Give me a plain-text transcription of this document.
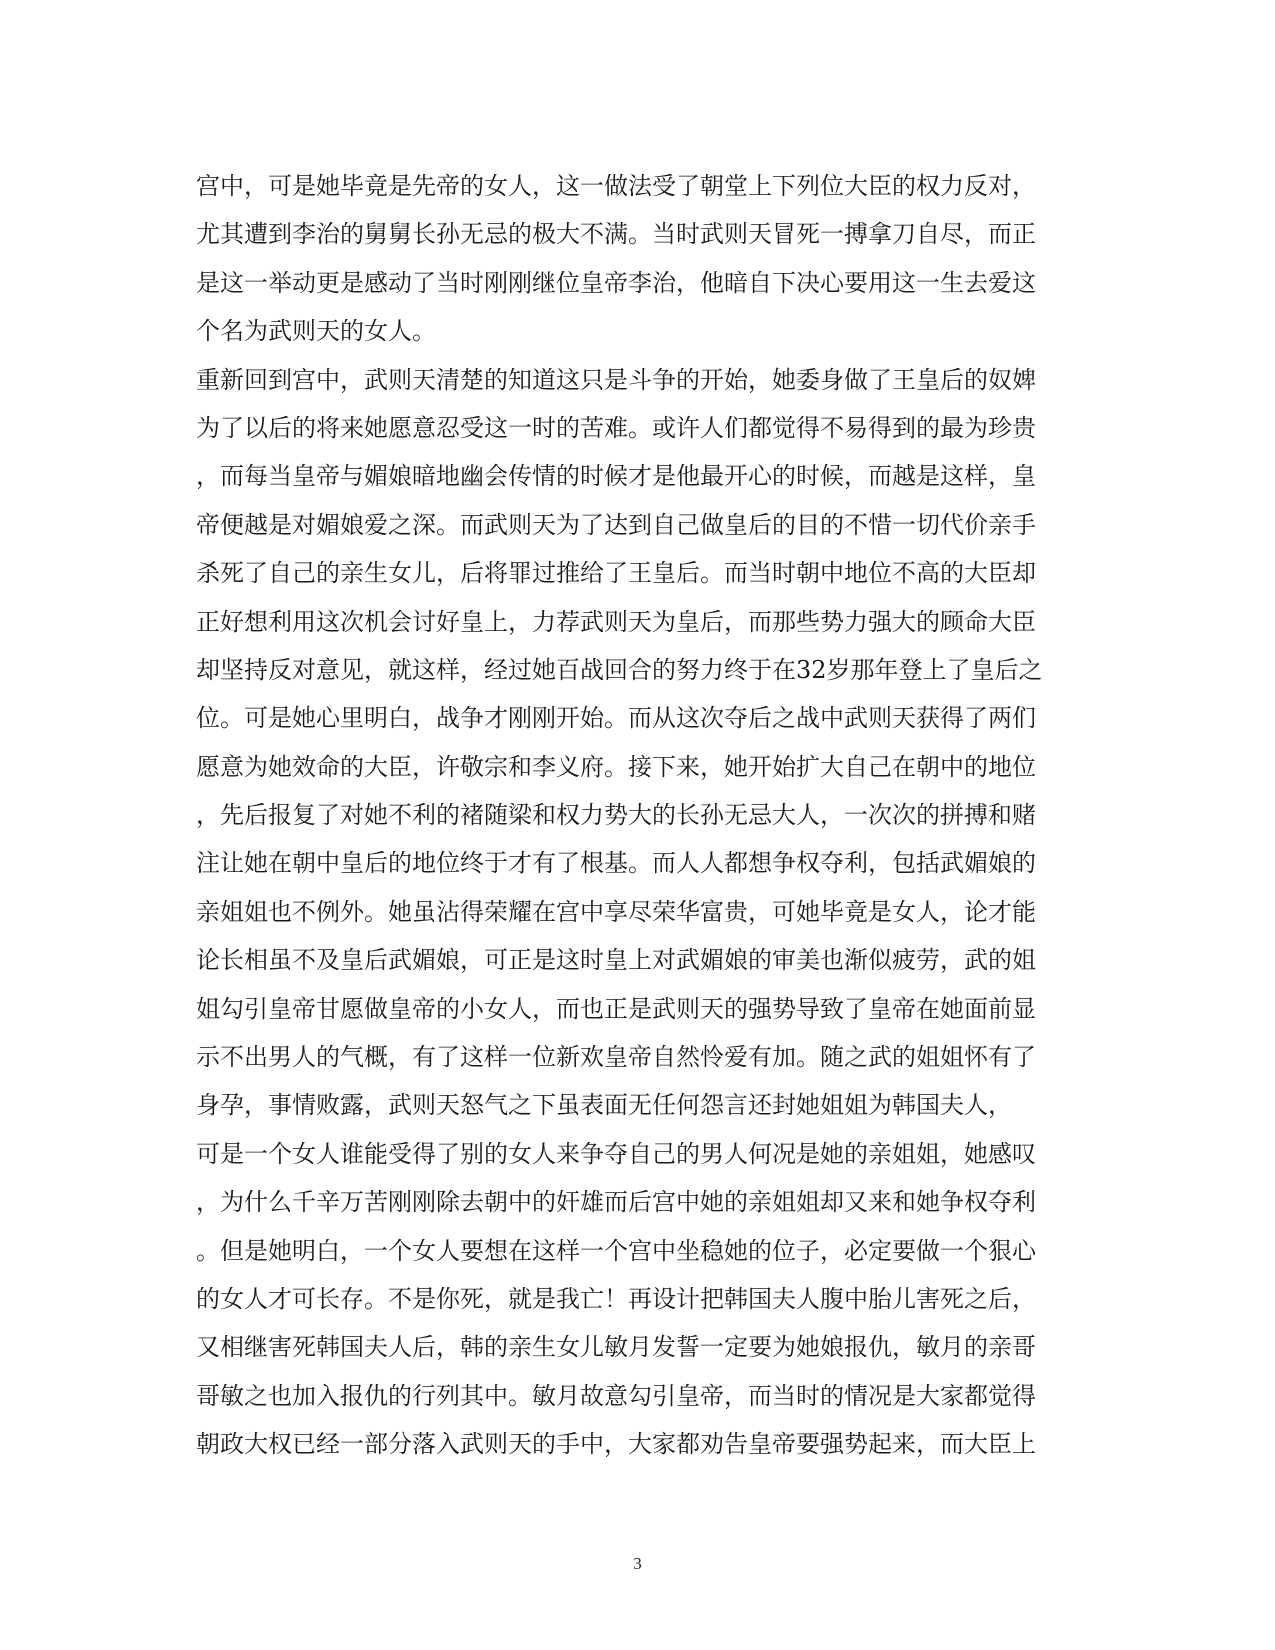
宫中，可是她毕竟是先帝的女人，这一做法受了朝堂上下列位大臣的权力反对，
尤其遭到李治的舅舅长孙无忌的极大不满。当时武则天冒死一搏拿刀自尽，而正
是这一举动更是感动了当时刚刚继位皇帝李治，他暗自下决心要用这一生去爱这
个名为武则天的女人。
重新回到宫中，武则天清楚的知道这只是斗争的开始，她委身做了王皇后的奴婢
为了以后的将来她愿意忍受这一时的苦难。或许人们都觉得不易得到的最为珍贵
，而每当皇帝与媚娘暗地幽会传情的时候才是他最开心的时候，而越是这样，皇
帝便越是对媚娘爱之深。而武则天为了达到自己做皇后的目的不惜一切代价亲手
杀死了自己的亲生女儿，后将罪过推给了王皇后。而当时朝中地位不高的大臣却
正好想利用这次机会讨好皇上，力荐武则天为皇后，而那些势力强大的顾命大臣
却坚持反对意见，就这样，经过她百战回合的努力终于在32岁那年登上了皇后之
位。可是她心里明白，战争才刚刚开始。而从这次夺后之战中武则天获得了两们
愿意为她效命的大臣，许敬宗和李义府。接下来，她开始扩大自己在朝中的地位
，先后报复了对她不利的褚随梁和权力势大的长孙无忌大人，一次次的拼搏和赌
注让她在朝中皇后的地位终于才有了根基。而人人都想争权夺利，包括武媚娘的
亲姐姐也不例外。她虽沾得荣耀在宫中享尽荣华富贵，可她毕竟是女人，论才能
论长相虽不及皇后武媚娘，可正是这时皇上对武媚娘的审美也渐似疲劳，武的姐
姐勾引皇帝甘愿做皇帝的小女人，而也正是武则天的强势导致了皇帝在她面前显
示不出男人的气概，有了这样一位新欢皇帝自然怜爱有加。随之武的姐姐怀有了
身孕，事情败露，武则天怒气之下虽表面无任何怨言还封她姐姐为韩国夫人，
可是一个女人谁能受得了别的女人来争夺自己的男人何况是她的亲姐姐，她感叹
，为什么千辛万苦刚刚除去朝中的奸雄而后宫中她的亲姐姐却又来和她争权夺利
。但是她明白，一个女人要想在这样一个宫中坐稳她的位子，必定要做一个狠心
的女人才可长存。不是你死，就是我亡！再设计把韩国夫人腹中胎儿害死之后，
又相继害死韩国夫人后，韩的亲生女儿敏月发誓一定要为她娘报仇，敏月的亲哥
哥敏之也加入报仇的行列其中。敏月故意勾引皇帝，而当时的情况是大家都觉得
朝政大权已经一部分落入武则天的手中，大家都劝告皇帝要强势起来，而大臣上
3
